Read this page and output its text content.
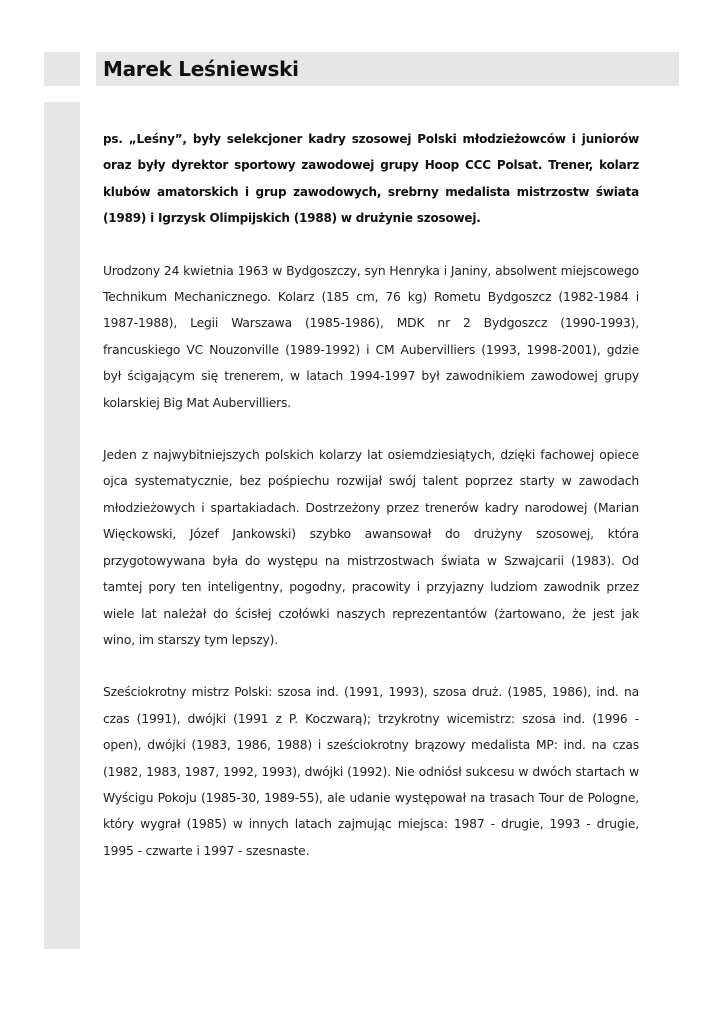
Marek Leśniewski

ps. „Leśny”, były selekcjoner kadry szosowej Polski młodzieżowców i juniorów oraz były dyrektor sportowy zawodowej grupy Hoop CCC Polsat. Trener, kolarz klubów amatorskich i grup zawodowych, srebrny medalista mistrzostw świata (1989) i Igrzysk Olimpijskich (1988) w drużynie szosowej.

Urodzony 24 kwietnia 1963 w Bydgoszczy, syn Henryka i Janiny, absolwent miejscowego Technikum Mechanicznego. Kolarz (185 cm, 76 kg) Rometu Bydgoszcz (1982-1984 i 1987-1988), Legii Warszawa (1985-1986), MDK nr 2 Bydgoszcz (1990-1993), francuskiego VC Nouzonville (1989-1992) i CM Aubervilliers (1993, 1998-2001), gdzie był ścigającym się trenerem, w latach 1994-1997 był zawodnikiem zawodowej grupy kolarskiej Big Mat Aubervilliers.

Jeden z najwybitniejszych polskich kolarzy lat osiemdziesiątych, dzięki fachowej opiece ojca systematycznie, bez pośpiechu rozwijał swój talent poprzez starty w zawodach młodzieżowych i spartakiadach. Dostrzeżony przez trenerów kadry narodowej (Marian Więckowski, Józef Jankowski) szybko awansował do drużyny szosowej, która przygotowywana była do występu na mistrzostwach świata w Szwajcarii (1983). Od tamtej pory ten inteligentny, pogodny, pracowity i przyjazny ludziom zawodnik przez wiele lat należał do ścisłej czołówki naszych reprezentantów (żartowano, że jest jak wino, im starszy tym lepszy).

Sześciokrotny mistrz Polski: szosa ind. (1991, 1993), szosa druż. (1985, 1986), ind. na czas (1991), dwójki (1991 z P. Koczwarą); trzykrotny wicemistrz: szosa ind. (1996 - open), dwójki (1983, 1986, 1988) i sześciokrotny brązowy medalista MP: ind. na czas (1982, 1983, 1987, 1992, 1993), dwójki (1992). Nie odniósł sukcesu w dwóch startach w Wyścigu Pokoju (1985-30, 1989-55), ale udanie występował na trasach Tour de Pologne, który wygrał (1985) w innych latach zajmując miejsca: 1987 - drugie, 1993 - drugie, 1995 - czwarte i 1997 - szesnaste.
